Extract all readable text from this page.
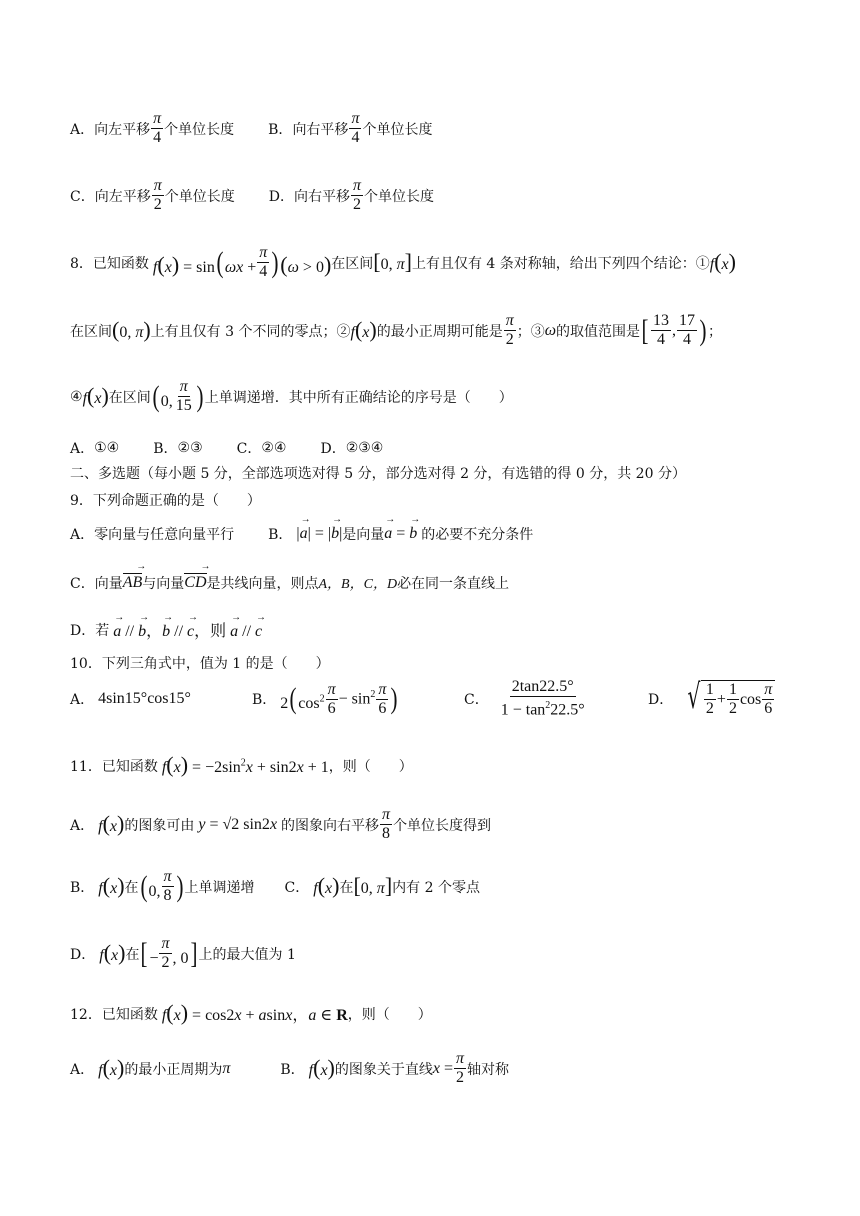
A． 向左平移
π
4 个单位长度 B． 向右平移
π
4 个单位长度
C． 向左平移
π
2 个单位长度 D． 向右平移
π
2 个单位长度
8． 已知函数 $f(x) = \sin(\omega x + \frac{\pi}{4} )(\omega > 0)$ 在区间 [0, π] 上有且仅有 4 条对称轴，给出下列四个结论：① f(x)
在区间 (0, π) 上有且仅有 3 个不同的零点；② f(x) 的最小正周期可能是
π
2 ；③ ω 的取值范围是 [ 13
4
,
17
4 ) ；
④ f(x) 在区间 (0,
π
15 ) 上单调递增．其中所有正确结论的序号是（　　）
A． ①④ B． ②③ C． ②④ D． ②③④
二、多选题（每小题 5 分，全部选项选对得 5 分，部分选对得 2 分，有选错的得 0 分，共 20 分）
9．下列命题正确的是（　　）
A． 零向量与任意向量平行 B． |→ a| = |→ b| 是向量 → a = → b 的必要不充分条件
C． 向量 AB → 与向量 CD → 是共线向量，则点 A，B，C，D 必在同一条直线上
D． 若 → a // → b，→ b // → c，则 → a // → c
10．下列三角式中，值为 1 的是（　　）
A． 4sin15°cos15°	B． $2(\cos^2$
π
6
− $\sin^2 \pi$
6 )	C．
2tan22.5°
$1 - \tan^222.5^\circ$
D． √ 1
2
+ $\frac{1}{2}$ cos
π
6
11． 已知函数 $f(x) = -2\sin^2x + \sin 2x + 1$ ，则（　　）
A． f(x) 的图象可由 y = √2 sin2x 的图象向右平移
π
8 个单位长度得到
B． f(x) 在 (0,
π
8 ) 上单调递增 C． f(x) 在 [0, π] 内有 2 个零点
D． f(x) 在 [− $\frac{\pi}{2}$ , 0] 上的最大值为 1
12． 已知函数 f(x) = cos2x + asinx，a ∈ R ，则（　　）
A． f(x) 的最小正周期为 π	B． f(x) 的图象关于直线 $x = \frac{\pi}{2}$ 轴对称
